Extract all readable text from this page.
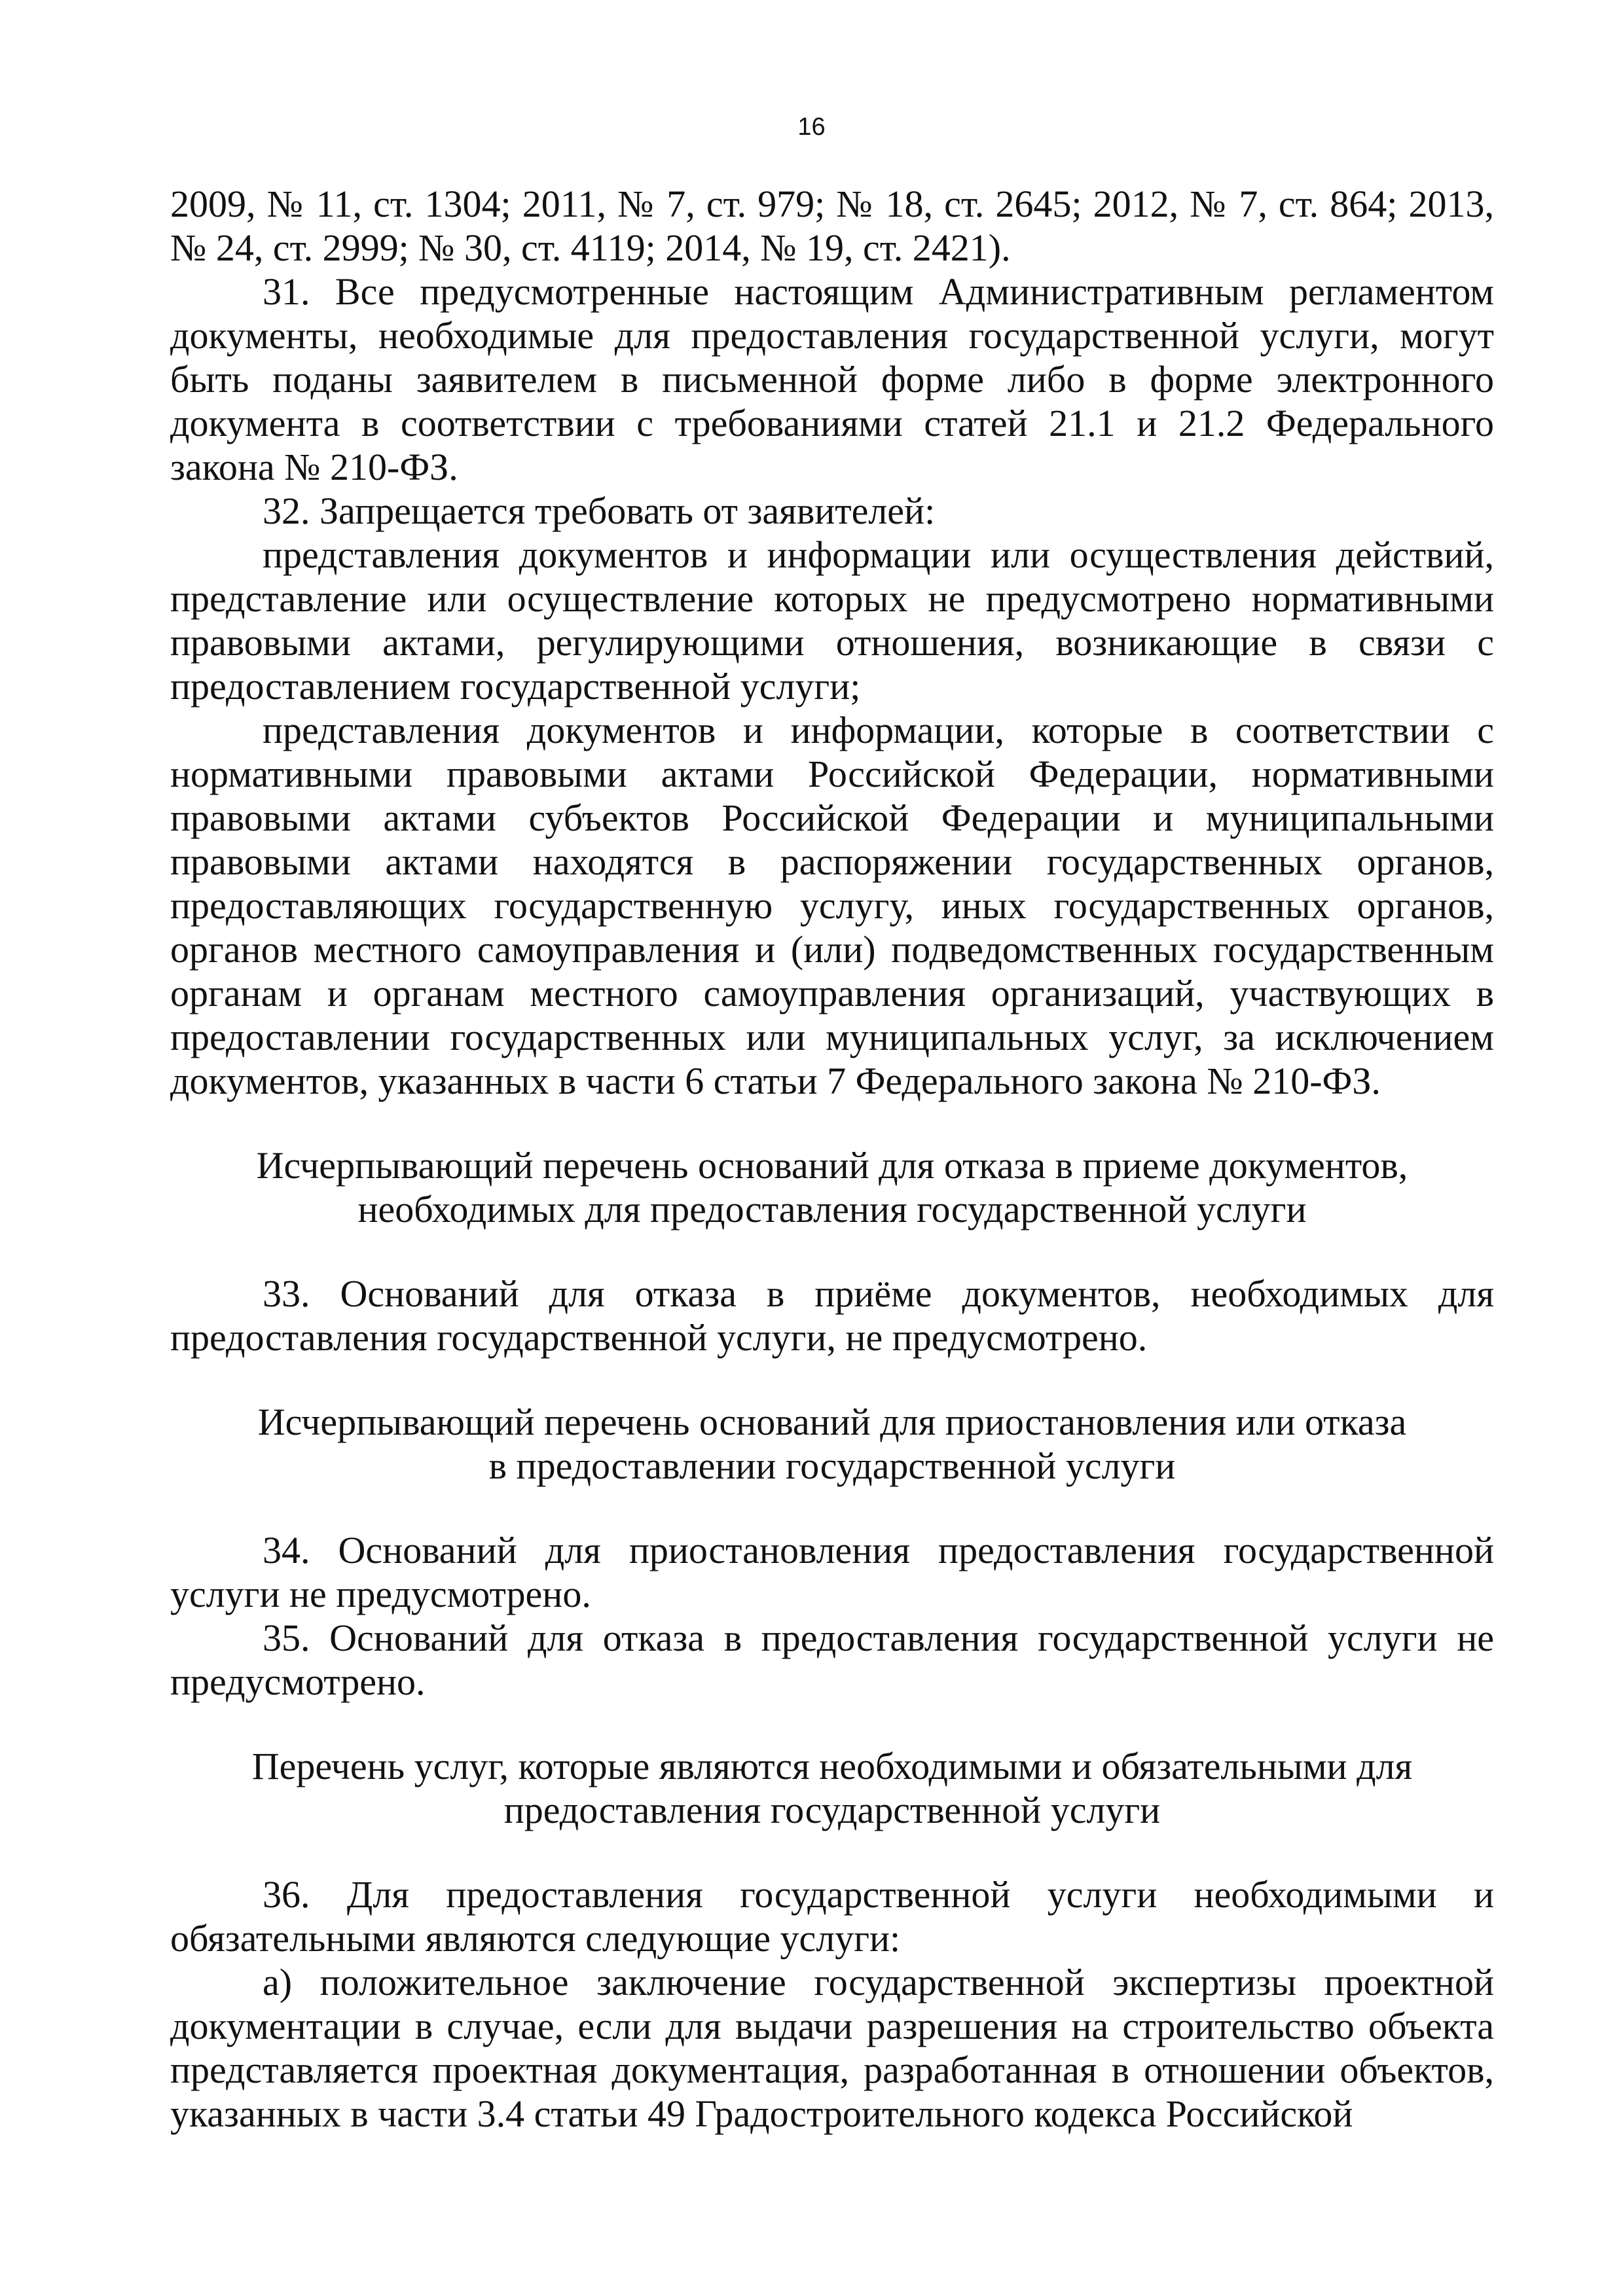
16

2009, № 11, ст. 1304; 2011, № 7, ст. 979; № 18, ст. 2645; 2012, № 7, ст. 864; 2013, № 24, ст. 2999; № 30, ст. 4119; 2014, № 19, ст. 2421).

31. Все предусмотренные настоящим Административным регламентом документы, необходимые для предоставления государственной услуги, могут быть поданы заявителем в письменной форме либо в форме электронного документа в соответствии с требованиями статей 21.1 и 21.2 Федерального закона № 210-ФЗ.

32. Запрещается требовать от заявителей:

представления документов и информации или осуществления действий, представление или осуществление которых не предусмотрено нормативными правовыми актами, регулирующими отношения, возникающие в связи с предоставлением государственной услуги;

представления документов и информации, которые в соответствии с нормативными правовыми актами Российской Федерации, нормативными правовыми актами субъектов Российской Федерации и муниципальными правовыми актами находятся в распоряжении государственных органов, предоставляющих государственную услугу, иных государственных органов, органов местного самоуправления и (или) подведомственных государственным органам и органам местного самоуправления организаций, участвующих в предоставлении государственных или муниципальных услуг, за исключением документов, указанных в части 6 статьи 7 Федерального закона № 210-ФЗ.

Исчерпывающий перечень оснований для отказа в приеме документов,
необходимых для предоставления государственной услуги

33. Оснований для отказа в приёме документов, необходимых для предоставления государственной услуги, не предусмотрено.

Исчерпывающий перечень оснований для приостановления или отказа
в предоставлении государственной услуги

34. Оснований для приостановления предоставления государственной услуги не предусмотрено.

35. Оснований для отказа в предоставления государственной услуги не предусмотрено.

Перечень услуг, которые являются необходимыми и обязательными для
предоставления государственной услуги

36. Для предоставления государственной услуги необходимыми и обязательными являются следующие услуги:

а) положительное заключение государственной экспертизы проектной документации в случае, если для выдачи разрешения на строительство объекта представляется проектная документация, разработанная в отношении объектов, указанных в части 3.4 статьи 49 Градостроительного кодекса Российской
